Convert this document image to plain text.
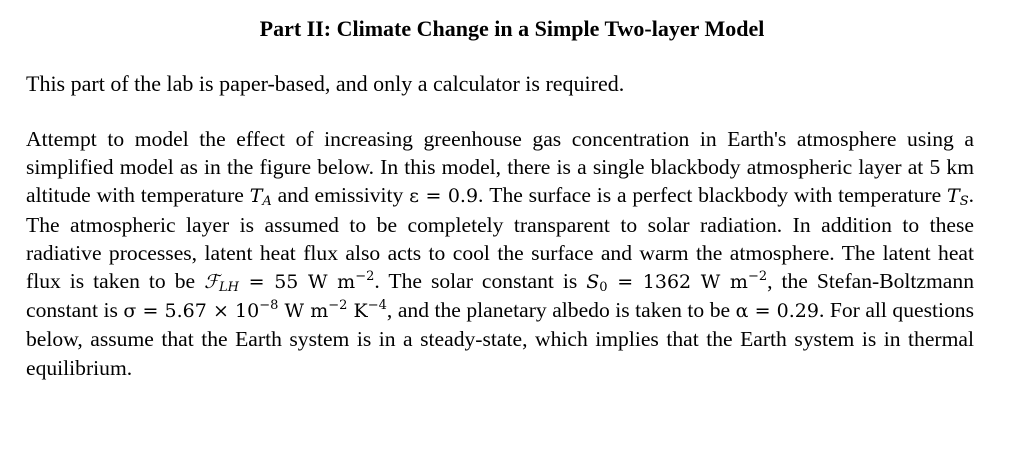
Part II: Climate Change in a Simple Two-layer Model
This part of the lab is paper-based, and only a calculator is required.
Attempt to model the effect of increasing greenhouse gas concentration in Earth's atmosphere using a simplified model as in the figure below. In this model, there is a single blackbody atmospheric layer at 5 km altitude with temperature $T_A$ and emissivity ε = 0.9. The surface is a perfect blackbody with temperature $T_S$. The atmospheric layer is assumed to be completely transparent to solar radiation. In addition to these radiative processes, latent heat flux also acts to cool the surface and warm the atmosphere. The latent heat flux is taken to be ℱ$_{LH}$ = 55 W $m^{-2}$. The solar constant is $S_0 = 1362$ W $m^{-2}$, the Stefan-Boltzmann constant is $\sigma = 5.67 \times 10^{-8}$ W $m^{-2}$ $K^{-4}$, and the planetary albedo is taken to be α = 0.29. For all questions below, assume that the Earth system is in a steady-state, which implies that the Earth system is in thermal equilibrium.
